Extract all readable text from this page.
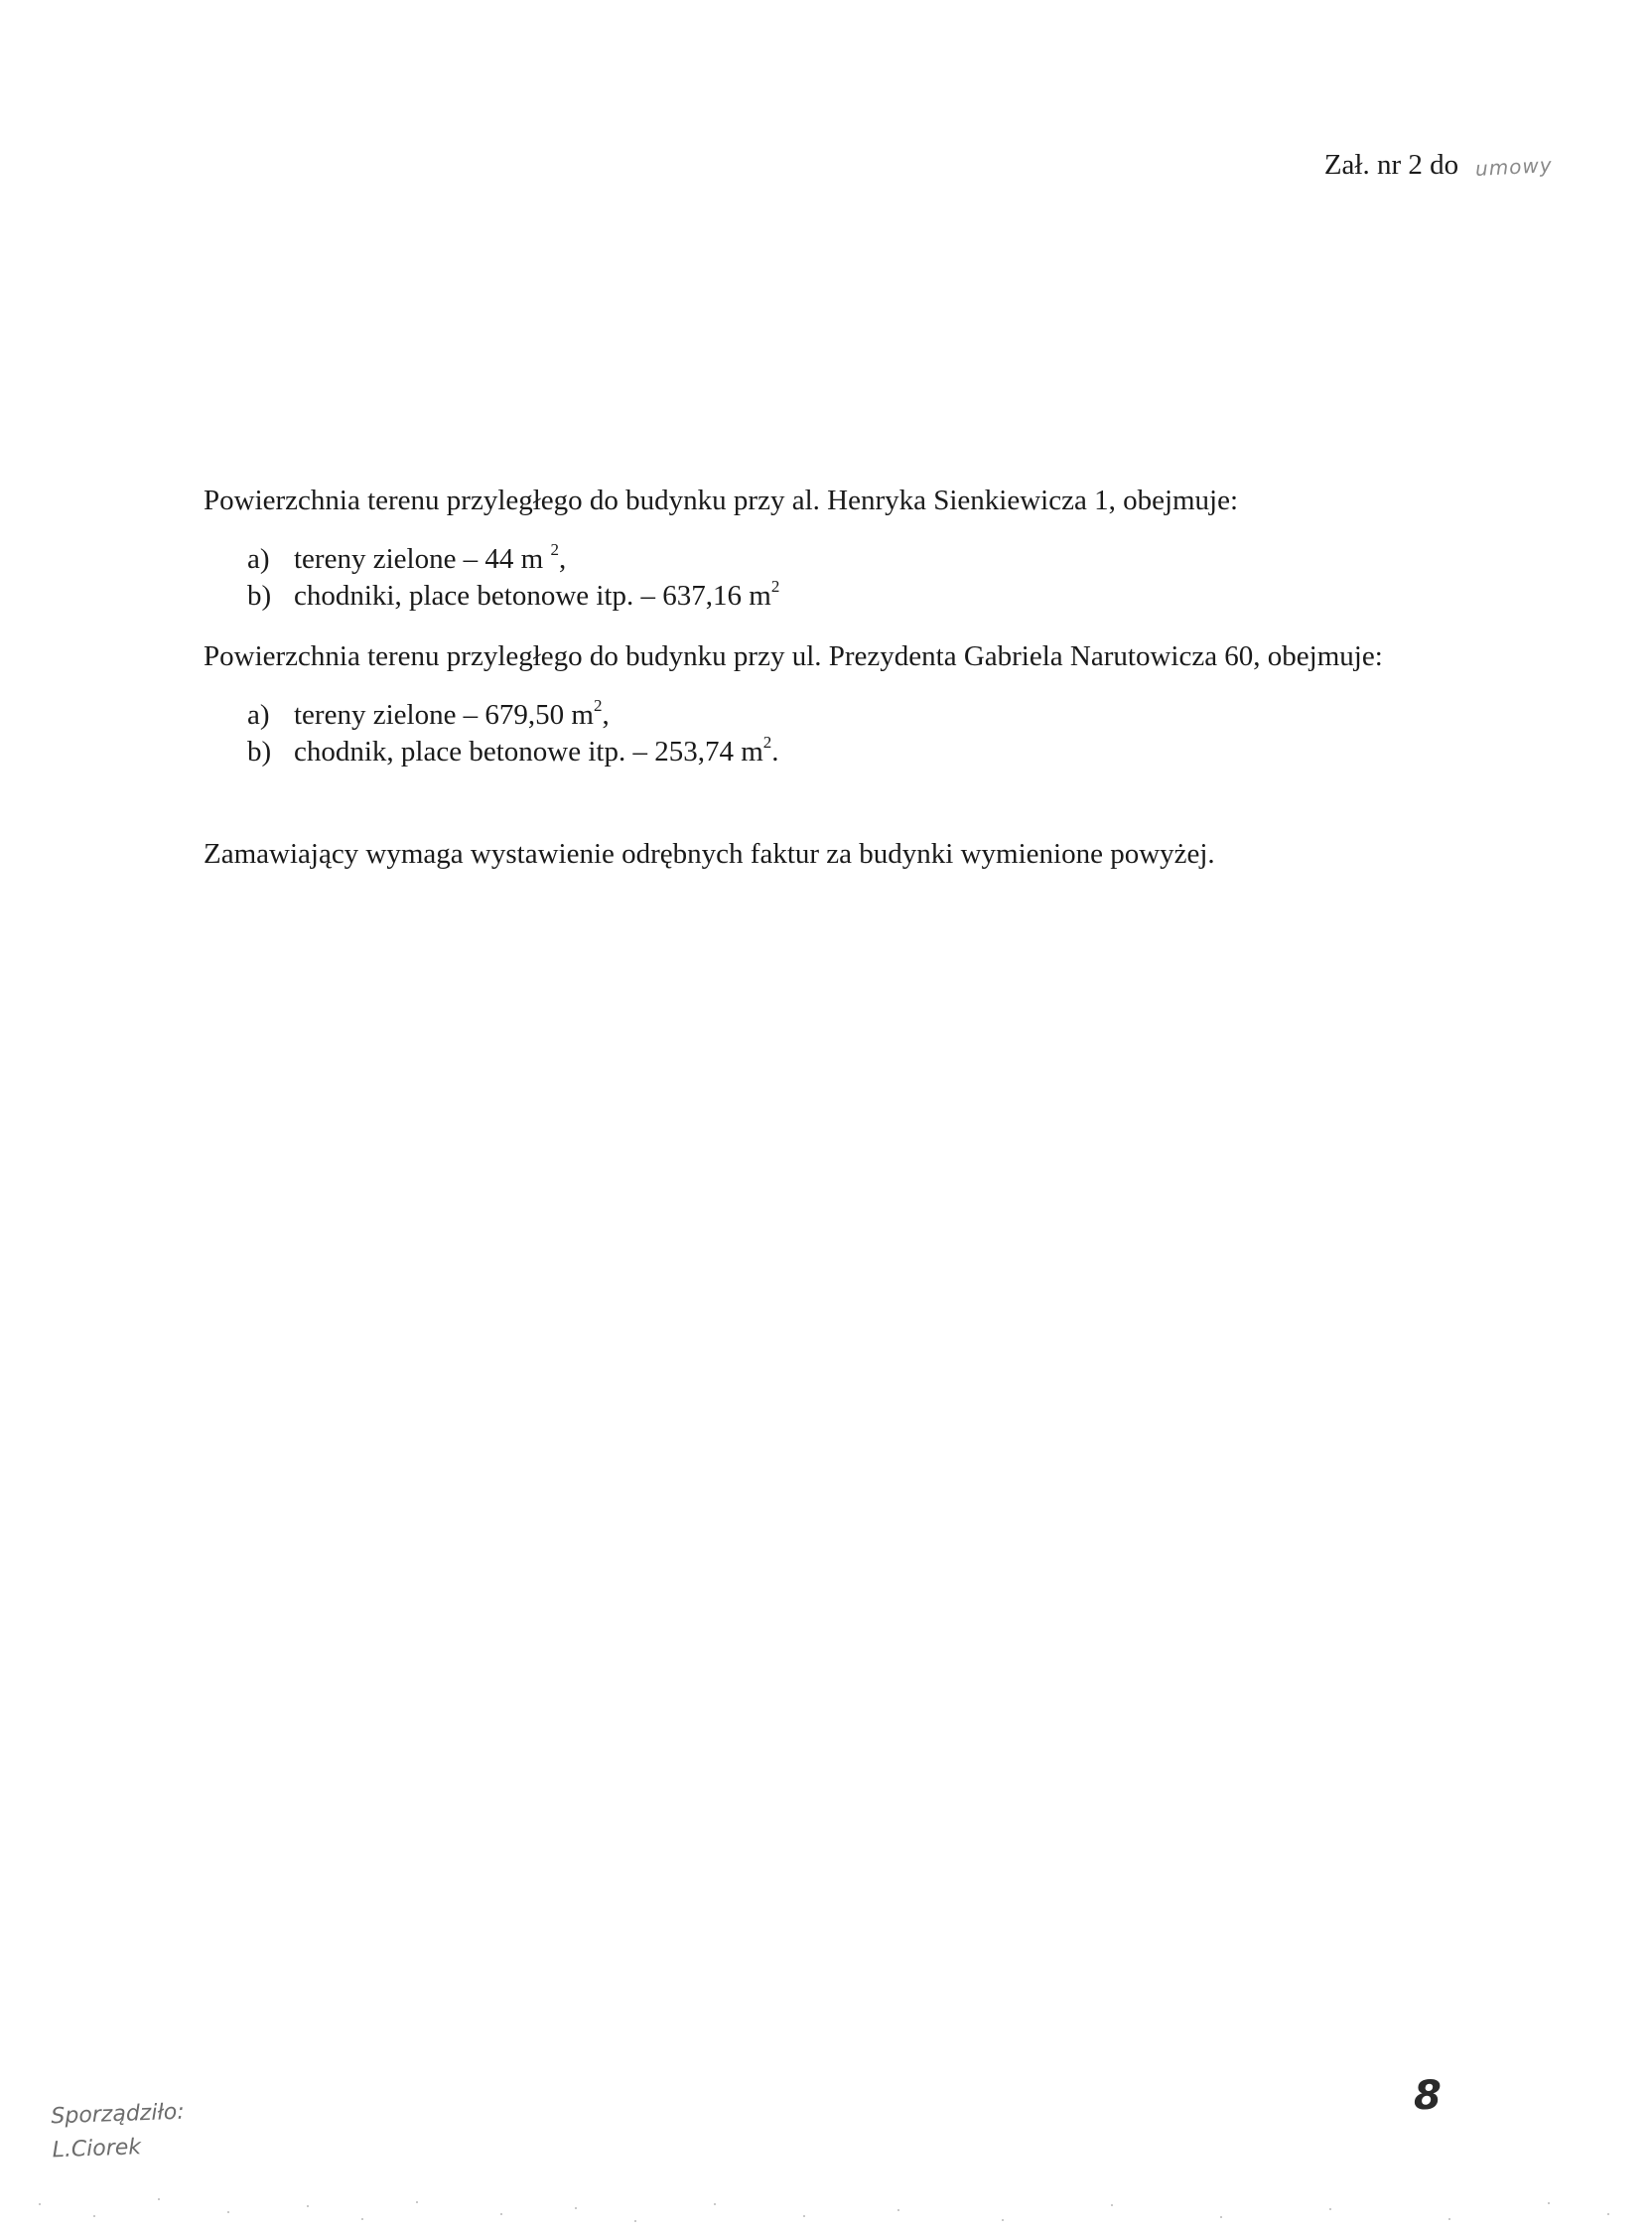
Zał. nr 2 do umowy

Powierzchnia terenu przyległego do budynku przy al. Henryka Sienkiewicza 1, obejmuje:

a) tereny zielone – 44 m $^2$,
b) chodniki, place betonowe itp. – 637,16 $m^2$

Powierzchnia terenu przyległego do budynku przy ul. Prezydenta Gabriela Narutowicza 60, obejmuje:

a) tereny zielone – 679,50 $m^2$,
b) chodnik, place betonowe itp. – 253,74 $m^2$.

Zamawiający wymaga wystawienie odrębnych faktur za budynki wymienione powyżej.

Sporządziło:
L.Ciorek
8
